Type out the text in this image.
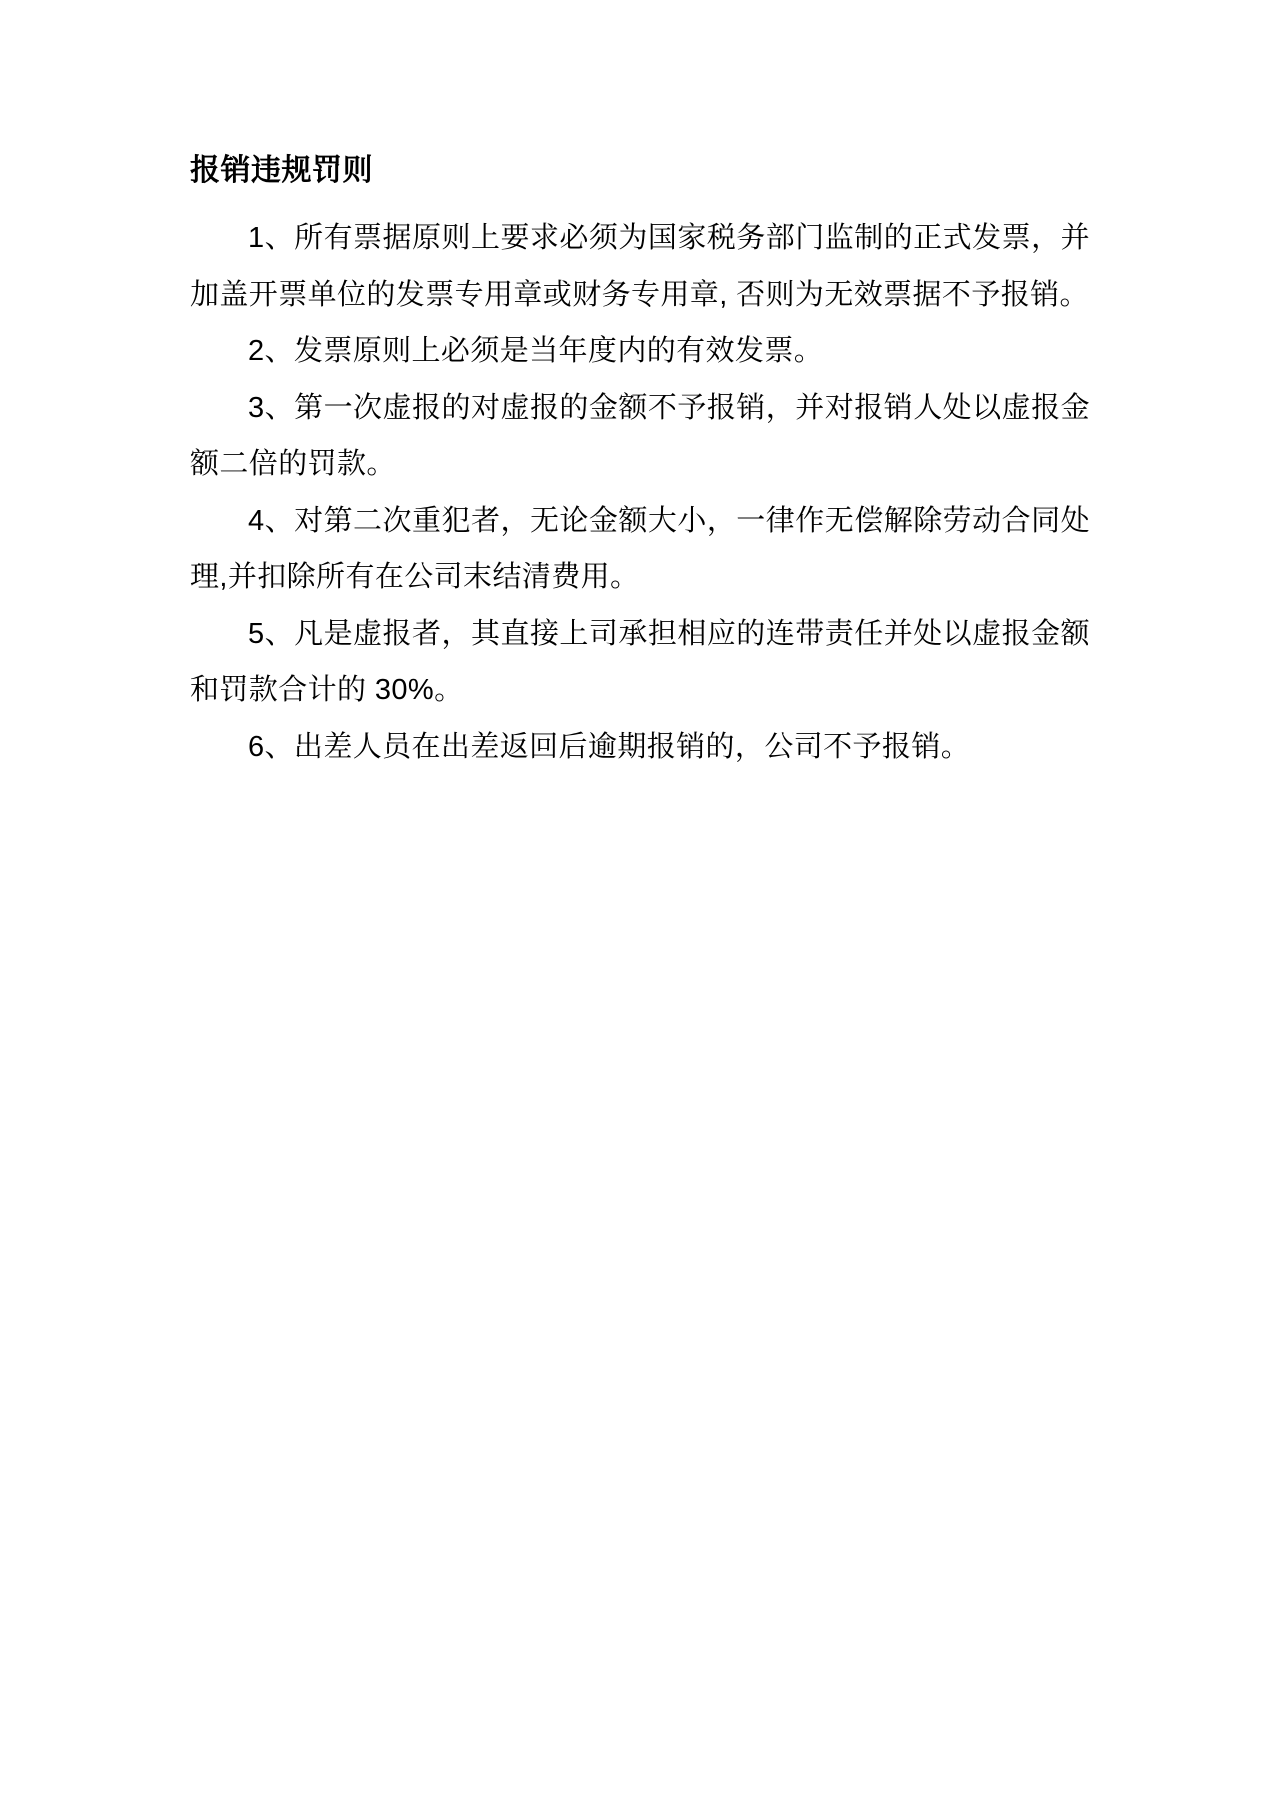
报销违规罚则

1、所有票据原则上要求必须为国家税务部门监制的正式发票，并加盖开票单位的发票专用章或财务专用章, 否则为无效票据不予报销。

2、发票原则上必须是当年度内的有效发票。

3、第一次虚报的对虚报的金额不予报销，并对报销人处以虚报金额二倍的罚款。

4、对第二次重犯者，无论金额大小，一律作无偿解除劳动合同处理,并扣除所有在公司末结清费用。

5、凡是虚报者，其直接上司承担相应的连带责任并处以虚报金额和罚款合计的 30%。

6、出差人员在出差返回后逾期报销的，公司不予报销。
